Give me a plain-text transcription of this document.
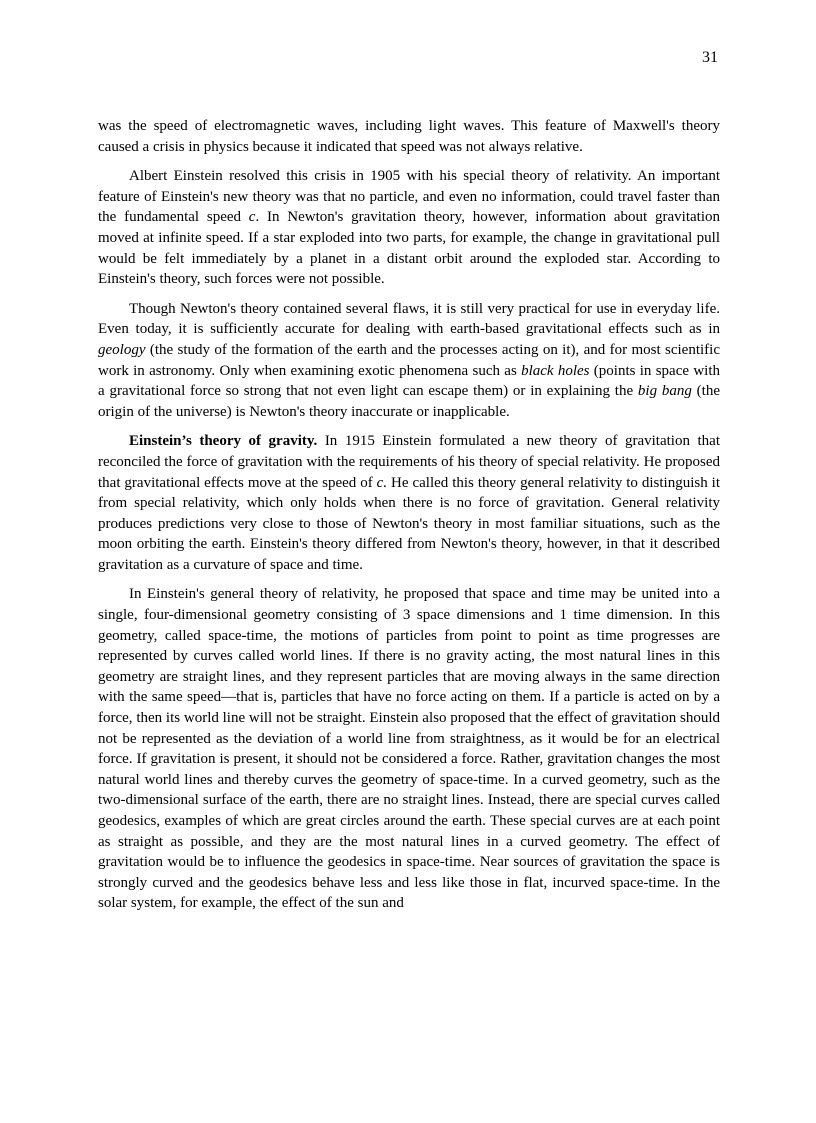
31

was the speed of electromagnetic waves, including light waves. This feature of Maxwell's theory caused a crisis in physics because it indicated that speed was not always relative.

Albert Einstein resolved this crisis in 1905 with his special theory of relativity. An important feature of Einstein's new theory was that no particle, and even no information, could travel faster than the fundamental speed c. In Newton's gravitation theory, however, information about gravitation moved at infinite speed. If a star exploded into two parts, for example, the change in gravitational pull would be felt immediately by a planet in a distant orbit around the exploded star. According to Einstein's theory, such forces were not possible.

Though Newton's theory contained several flaws, it is still very practical for use in everyday life. Even today, it is sufficiently accurate for dealing with earth-based gravitational effects such as in geology (the study of the formation of the earth and the processes acting on it), and for most scientific work in astronomy. Only when examining exotic phenomena such as black holes (points in space with a gravitational force so strong that not even light can escape them) or in explaining the big bang (the origin of the universe) is Newton's theory inaccurate or inapplicable.

Einstein’s theory of gravity. In 1915 Einstein formulated a new theory of gravitation that reconciled the force of gravitation with the requirements of his theory of special relativity. He proposed that gravitational effects move at the speed of c. He called this theory general relativity to distinguish it from special relativity, which only holds when there is no force of gravitation. General relativity produces predictions very close to those of Newton's theory in most familiar situations, such as the moon orbiting the earth. Einstein's theory differed from Newton's theory, however, in that it described gravitation as a curvature of space and time.

In Einstein's general theory of relativity, he proposed that space and time may be united into a single, four-dimensional geometry consisting of 3 space dimensions and 1 time dimension. In this geometry, called space-time, the motions of particles from point to point as time progresses are represented by curves called world lines. If there is no gravity acting, the most natural lines in this geometry are straight lines, and they represent particles that are moving always in the same direction with the same speed—that is, particles that have no force acting on them. If a particle is acted on by a force, then its world line will not be straight. Einstein also proposed that the effect of gravitation should not be represented as the deviation of a world line from straightness, as it would be for an electrical force. If gravitation is present, it should not be considered a force. Rather, gravitation changes the most natural world lines and thereby curves the geometry of space-time. In a curved geometry, such as the two-dimensional surface of the earth, there are no straight lines. Instead, there are special curves called geodesics, examples of which are great circles around the earth. These special curves are at each point as straight as possible, and they are the most natural lines in a curved geometry. The effect of gravitation would be to influence the geodesics in space-time. Near sources of gravitation the space is strongly curved and the geodesics behave less and less like those in flat, incurved space-time. In the solar system, for example, the effect of the sun and
